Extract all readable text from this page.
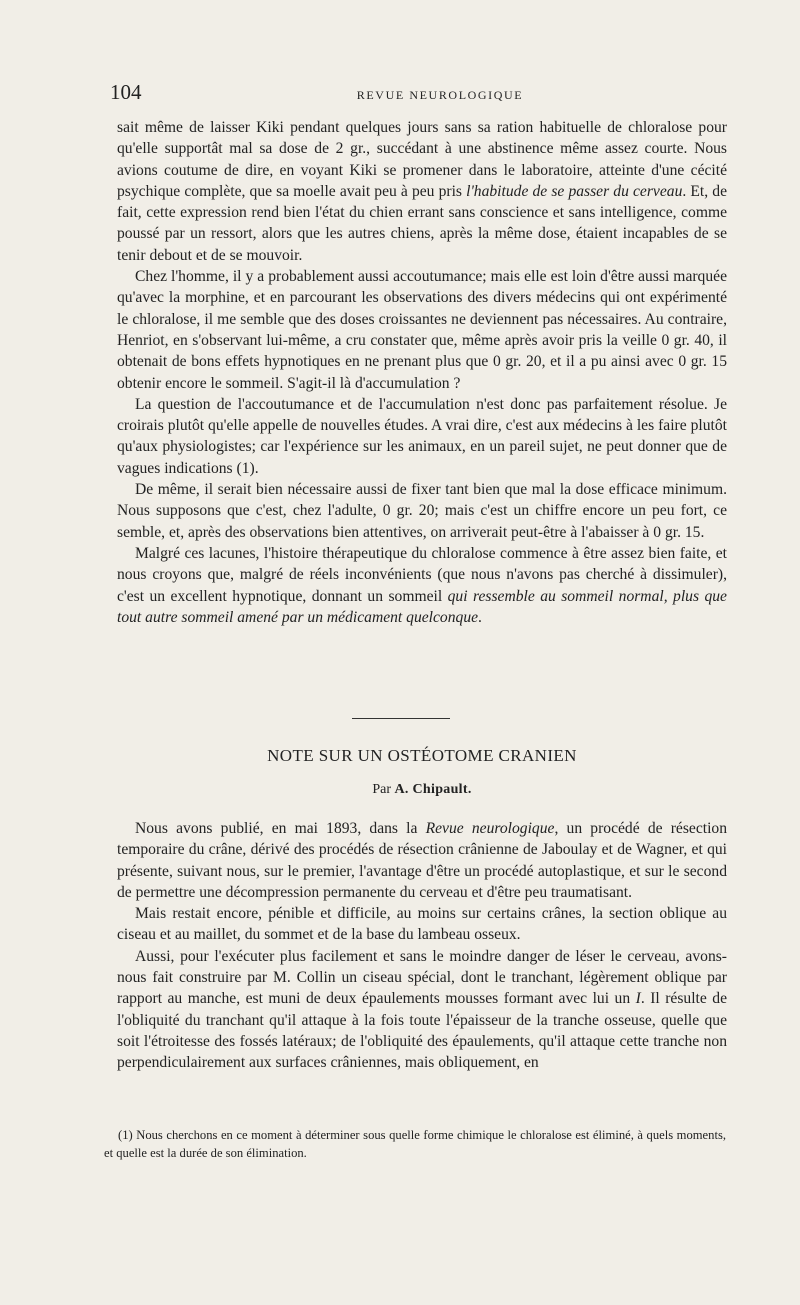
104	REVUE NEUROLOGIQUE

sait même de laisser Kiki pendant quelques jours sans sa ration habituelle de chloralose pour qu'elle supportât mal sa dose de 2 gr., succédant à une abstinence même assez courte. Nous avions coutume de dire, en voyant Kiki se promener dans le laboratoire, atteinte d'une cécité psychique complète, que sa moelle avait peu à peu pris l'habitude de se passer du cerveau. Et, de fait, cette expression rend bien l'état du chien errant sans conscience et sans intelligence, comme poussé par un ressort, alors que les autres chiens, après la même dose, étaient incapables de se tenir debout et de se mouvoir.

Chez l'homme, il y a probablement aussi accoutumance; mais elle est loin d'être aussi marquée qu'avec la morphine, et en parcourant les observations des divers médecins qui ont expérimenté le chloralose, il me semble que des doses croissantes ne deviennent pas nécessaires. Au contraire, Henriot, en s'observant lui-même, a cru constater que, même après avoir pris la veille 0 gr. 40, il obtenait de bons effets hypnotiques en ne prenant plus que 0 gr. 20, et il a pu ainsi avec 0 gr. 15 obtenir encore le sommeil. S'agit-il là d'accumulation ?

La question de l'accoutumance et de l'accumulation n'est donc pas parfaitement résolue. Je croirais plutôt qu'elle appelle de nouvelles études. A vrai dire, c'est aux médecins à les faire plutôt qu'aux physiologistes; car l'expérience sur les animaux, en un pareil sujet, ne peut donner que de vagues indications (1).

De même, il serait bien nécessaire aussi de fixer tant bien que mal la dose efficace minimum. Nous supposons que c'est, chez l'adulte, 0 gr. 20; mais c'est un chiffre encore un peu fort, ce semble, et, après des observations bien attentives, on arriverait peut-être à l'abaisser à 0 gr. 15.

Malgré ces lacunes, l'histoire thérapeutique du chloralose commence à être assez bien faite, et nous croyons que, malgré de réels inconvénients (que nous n'avons pas cherché à dissimuler), c'est un excellent hypnotique, donnant un sommeil qui ressemble au sommeil normal, plus que tout autre sommeil amené par un médicament quelconque.

NOTE SUR UN OSTÉOTOME CRANIEN
Par A. Chipault.

Nous avons publié, en mai 1893, dans la Revue neurologique, un procédé de résection temporaire du crâne, dérivé des procédés de résection crânienne de Jaboulay et de Wagner, et qui présente, suivant nous, sur le premier, l'avantage d'être un procédé autoplastique, et sur le second de permettre une décompression permanente du cerveau et d'être peu traumatisant.

Mais restait encore, pénible et difficile, au moins sur certains crânes, la section oblique au ciseau et au maillet, du sommet et de la base du lambeau osseux.

Aussi, pour l'exécuter plus facilement et sans le moindre danger de léser le cerveau, avons-nous fait construire par M. Collin un ciseau spécial, dont le tranchant, légèrement oblique par rapport au manche, est muni de deux épaulements mousses formant avec lui un I. Il résulte de l'obliquité du tranchant qu'il attaque à la fois toute l'épaisseur de la tranche osseuse, quelle que soit l'étroitesse des fossés latéraux; de l'obliquité des épaulements, qu'il attaque cette tranche non perpendiculairement aux surfaces crâniennes, mais obliquement, en

(1) Nous cherchons en ce moment à déterminer sous quelle forme chimique le chloralose est éliminé, à quels moments, et quelle est la durée de son élimination.
